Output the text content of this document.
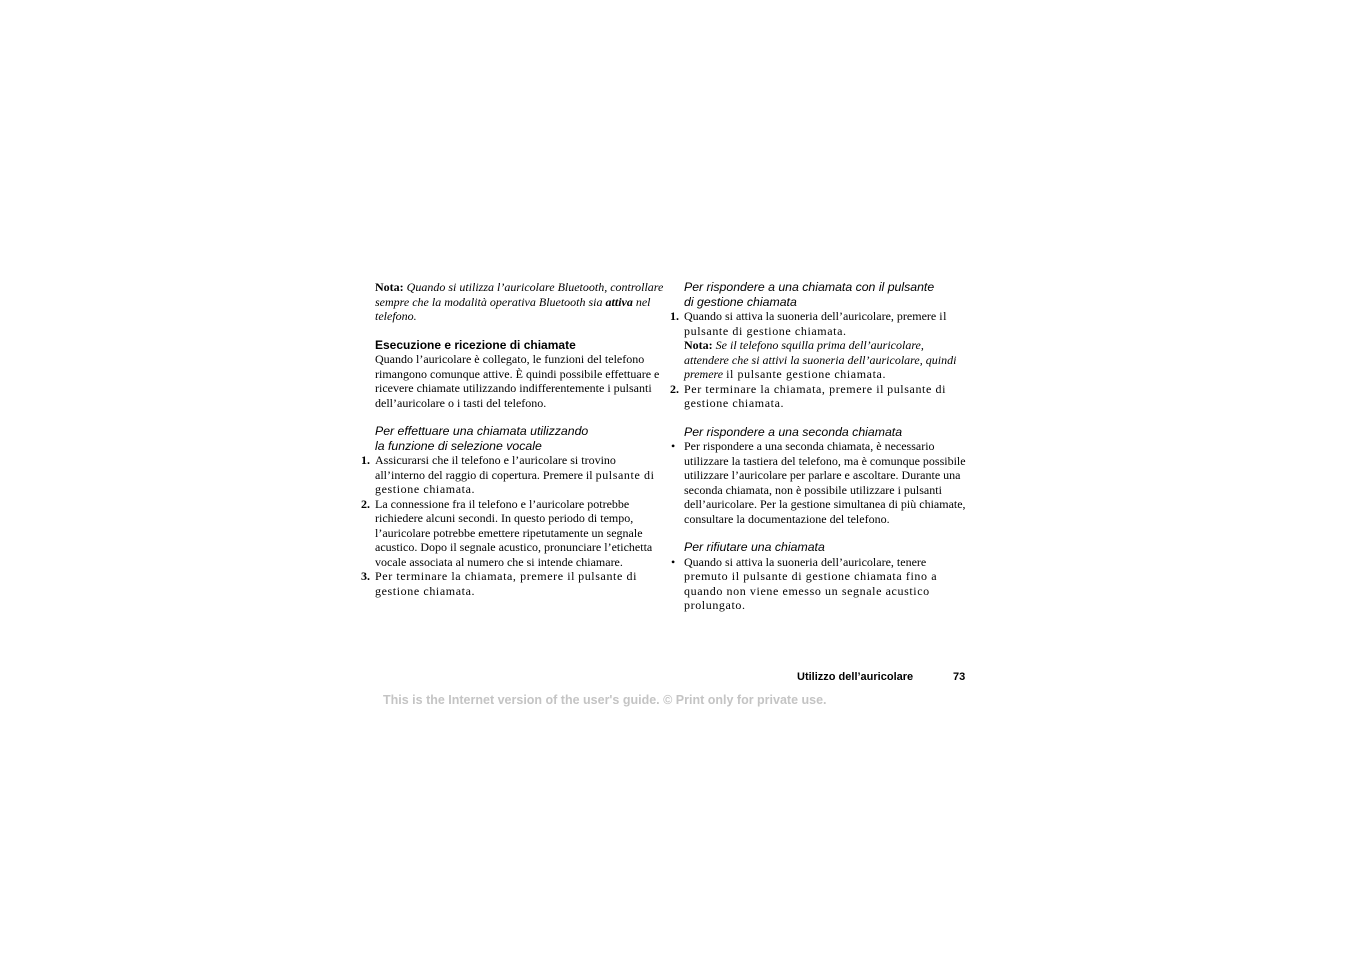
Nota: Quando si utilizza l’auricolare Bluetooth, controllare sempre che la modalità operativa Bluetooth sia attiva nel telefono.

Esecuzione e ricezione di chiamate

Quando l’auricolare è collegato, le funzioni del telefono rimangono comunque attive. È quindi possibile effettuare e ricevere chiamate utilizzando indifferentemente i pulsanti dell’auricolare o i tasti del telefono.

Per effettuare una chiamata utilizzando
la funzione di selezione vocale
1. Assicurarsi che il telefono e l’auricolare si trovino all’interno del raggio di copertura. Premere il pulsante di gestione chiamata.
2. La connessione fra il telefono e l’auricolare potrebbe richiedere alcuni secondi. In questo periodo di tempo, l’auricolare potrebbe emettere ripetutamente un segnale acustico. Dopo il segnale acustico, pronunciare l’etichetta vocale associata al numero che si intende chiamare.
3. Per terminare la chiamata, premere il pulsante di gestione chiamata.
Per rispondere a una chiamata con il pulsante
di gestione chiamata
1. Quando si attiva la suoneria dell’auricolare, premere il pulsante di gestione chiamata.
Nota: Se il telefono squilla prima dell’auricolare, attendere che si attivi la suoneria dell’auricolare, quindi premere il pulsante gestione chiamata.
2. Per terminare la chiamata, premere il pulsante di gestione chiamata.
Per rispondere a una seconda chiamata
• Per rispondere a una seconda chiamata, è necessario utilizzare la tastiera del telefono, ma è comunque possibile utilizzare l’auricolare per parlare e ascoltare. Durante una seconda chiamata, non è possibile utilizzare i pulsanti dell’auricolare. Per la gestione simultanea di più chiamate, consultare la documentazione del telefono.
Per rifiutare una chiamata
• Quando si attiva la suoneria dell’auricolare, tenere premuto il pulsante di gestione chiamata fino a quando non viene emesso un segnale acustico prolungato.
Utilizzo dell’auricolare	73
This is the Internet version of the user's guide. © Print only for private use.
